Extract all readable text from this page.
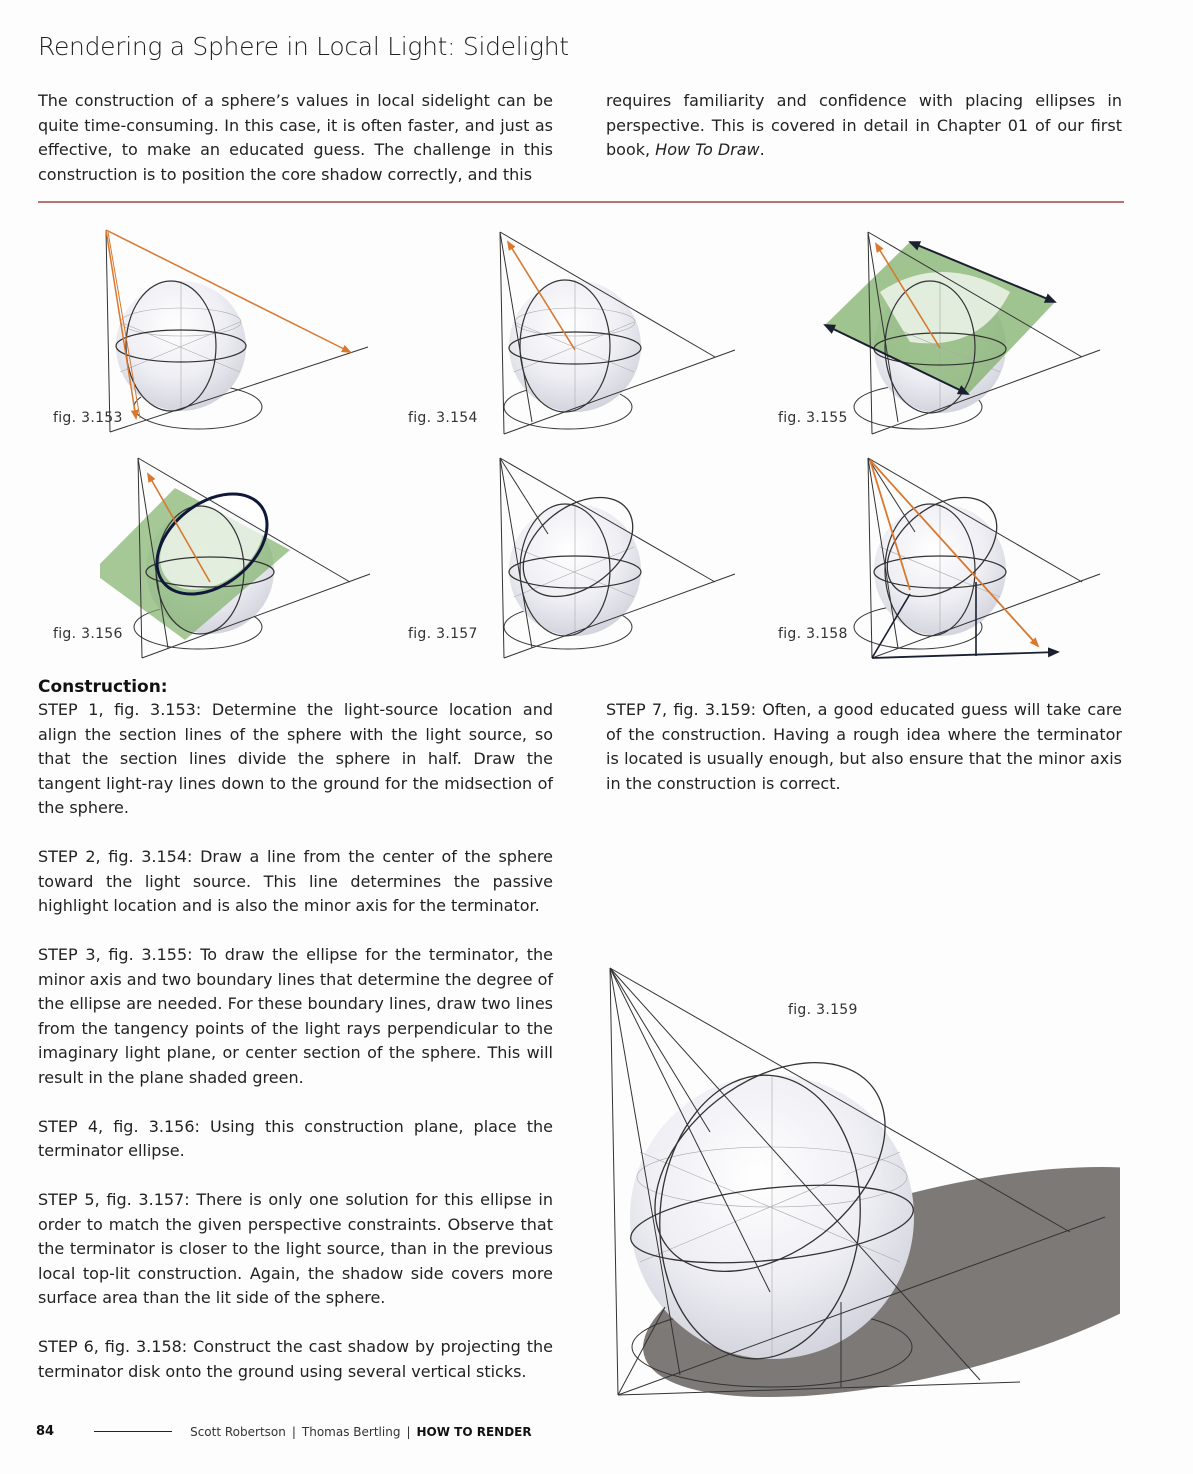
Rendering a Sphere in Local Light: Sidelight
The construction of a sphere’s values in local sidelight can be quite time-consuming. In this case, it is often faster, and just as effective, to make an educated guess. The challenge in this construction is to position the core shadow correctly, and this
requires familiarity and confidence with placing ellipses in perspective. This is covered in detail in Chapter 01 of our first book, How To Draw.
fig. 3.153	fig. 3.154	fig. 3.155
fig. 3.156	fig. 3.157	fig. 3.158
Construction:

STEP 1, fig. 3.153: Determine the light-source location and align the section lines of the sphere with the light source, so that the section lines divide the sphere in half. Draw the tangent light-ray lines down to the ground for the midsection of the sphere.

STEP 2, fig. 3.154: Draw a line from the center of the sphere toward the light source. This line determines the passive highlight location and is also the minor axis for the terminator.

STEP 3, fig. 3.155: To draw the ellipse for the terminator, the minor axis and two boundary lines that determine the degree of the ellipse are needed. For these boundary lines, draw two lines from the tangency points of the light rays perpendicular to the imaginary light plane, or center section of the sphere. This will result in the plane shaded green.

STEP 4, fig. 3.156: Using this construction plane, place the terminator ellipse.

STEP 5, fig. 3.157: There is only one solution for this ellipse in order to match the given perspective constraints. Observe that the terminator is closer to the light source, than in the previous local top-lit construction. Again, the shadow side covers more surface area than the lit side of the sphere.

STEP 6, fig. 3.158: Construct the cast shadow by projecting the terminator disk onto the ground using several vertical sticks.

STEP 7, fig. 3.159: Often, a good educated guess will take care of the construction. Having a rough idea where the terminator is located is usually enough, but also ensure that the minor axis in the construction is correct.
fig. 3.159
84	Scott Robertson | Thomas Bertling | HOW TO RENDER
